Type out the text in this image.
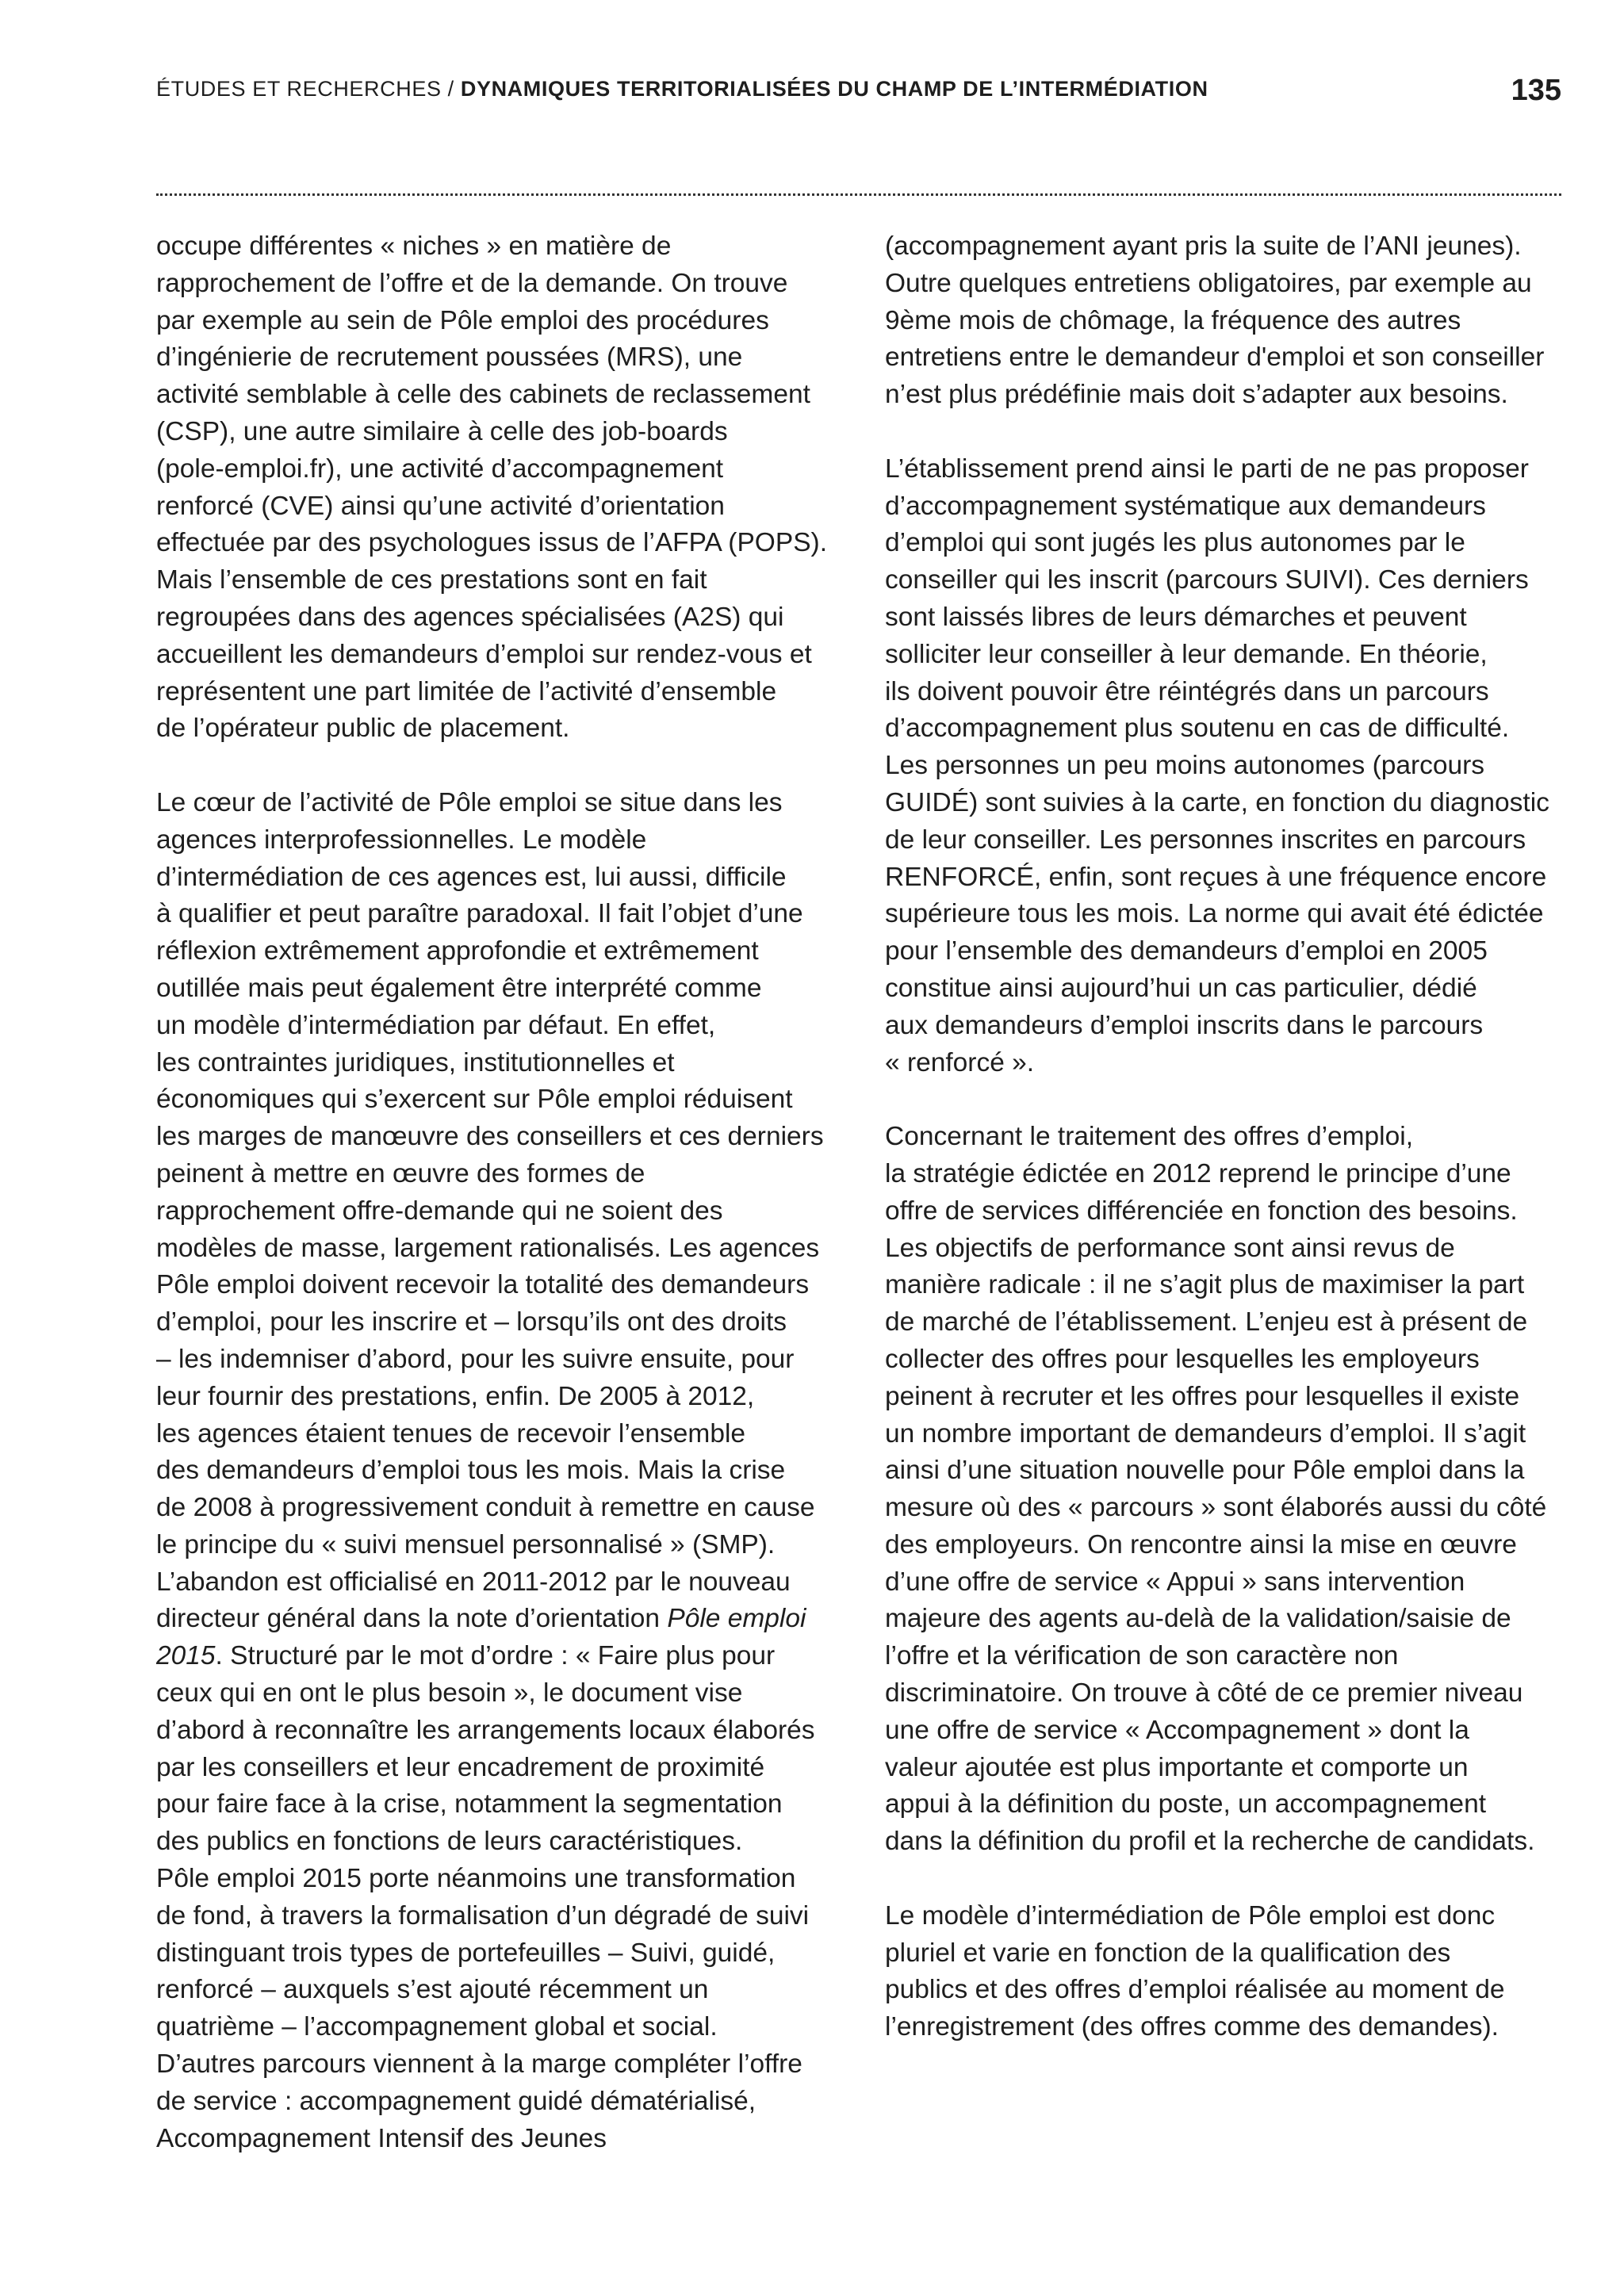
ÉTUDES ET RECHERCHES / DYNAMIQUES TERRITORIALISÉES DU CHAMP DE L’INTERMÉDIATION	135
occupe différentes « niches » en matière de
rapprochement de l’offre et de la demande. On trouve
par exemple au sein de Pôle emploi des procédures
d’ingénierie de recrutement poussées (MRS), une
activité semblable à celle des cabinets de reclassement
(CSP), une autre similaire à celle des job-boards
(pole-emploi.fr), une activité d’accompagnement
renforcé (CVE) ainsi qu’une activité d’orientation
effectuée par des psychologues issus de l’AFPA (POPS).
Mais l’ensemble de ces prestations sont en fait
regroupées dans des agences spécialisées (A2S) qui
accueillent les demandeurs d’emploi sur rendez-vous et
représentent une part limitée de l’activité d’ensemble
de l’opérateur public de placement.
Le cœur de l’activité de Pôle emploi se situe dans les
agences interprofessionnelles. Le modèle
d’intermédiation de ces agences est, lui aussi, difficile
à qualifier et peut paraître paradoxal. Il fait l’objet d’une
réflexion extrêmement approfondie et extrêmement
outillée mais peut également être interprété comme
un modèle d’intermédiation par défaut. En effet,
les contraintes juridiques, institutionnelles et
économiques qui s’exercent sur Pôle emploi réduisent
les marges de manœuvre des conseillers et ces derniers
peinent à mettre en œuvre des formes de
rapprochement offre-demande qui ne soient des
modèles de masse, largement rationalisés. Les agences
Pôle emploi doivent recevoir la totalité des demandeurs
d’emploi, pour les inscrire et – lorsqu’ils ont des droits
– les indemniser d’abord, pour les suivre ensuite, pour
leur fournir des prestations, enfin. De 2005 à 2012,
les agences étaient tenues de recevoir l’ensemble
des demandeurs d’emploi tous les mois. Mais la crise
de 2008 à progressivement conduit à remettre en cause
le principe du « suivi mensuel personnalisé » (SMP).
L’abandon est officialisé en 2011-2012 par le nouveau
directeur général dans la note d’orientation Pôle emploi
2015. Structuré par le mot d’ordre : « Faire plus pour
ceux qui en ont le plus besoin », le document vise
d’abord à reconnaître les arrangements locaux élaborés
par les conseillers et leur encadrement de proximité
pour faire face à la crise, notamment la segmentation
des publics en fonctions de leurs caractéristiques.
Pôle emploi 2015 porte néanmoins une transformation
de fond, à travers la formalisation d’un dégradé de suivi
distinguant trois types de portefeuilles – Suivi, guidé,
renforcé – auxquels s’est ajouté récemment un
quatrième – l’accompagnement global et social.
D’autres parcours viennent à la marge compléter l’offre
de service : accompagnement guidé dématérialisé,
Accompagnement Intensif des Jeunes
(accompagnement ayant pris la suite de l’ANI jeunes).
Outre quelques entretiens obligatoires, par exemple au
9ème mois de chômage, la fréquence des autres
entretiens entre le demandeur d'emploi et son conseiller
n’est plus prédéfinie mais doit s’adapter aux besoins.
L’établissement prend ainsi le parti de ne pas proposer
d’accompagnement systématique aux demandeurs
d’emploi qui sont jugés les plus autonomes par le
conseiller qui les inscrit (parcours SUIVI). Ces derniers
sont laissés libres de leurs démarches et peuvent
solliciter leur conseiller à leur demande. En théorie,
ils doivent pouvoir être réintégrés dans un parcours
d’accompagnement plus soutenu en cas de difficulté.
Les personnes un peu moins autonomes (parcours
GUIDÉ) sont suivies à la carte, en fonction du diagnostic
de leur conseiller. Les personnes inscrites en parcours
RENFORCÉ, enfin, sont reçues à une fréquence encore
supérieure tous les mois. La norme qui avait été édictée
pour l’ensemble des demandeurs d’emploi en 2005
constitue ainsi aujourd’hui un cas particulier, dédié
aux demandeurs d’emploi inscrits dans le parcours
« renforcé ».
Concernant le traitement des offres d’emploi,
la stratégie édictée en 2012 reprend le principe d’une
offre de services différenciée en fonction des besoins.
Les objectifs de performance sont ainsi revus de
manière radicale : il ne s’agit plus de maximiser la part
de marché de l’établissement. L’enjeu est à présent de
collecter des offres pour lesquelles les employeurs
peinent à recruter et les offres pour lesquelles il existe
un nombre important de demandeurs d’emploi. Il s’agit
ainsi d’une situation nouvelle pour Pôle emploi dans la
mesure où des « parcours » sont élaborés aussi du côté
des employeurs. On rencontre ainsi la mise en œuvre
d’une offre de service « Appui » sans intervention
majeure des agents au-delà de la validation/saisie de
l’offre et la vérification de son caractère non
discriminatoire. On trouve à côté de ce premier niveau
une offre de service « Accompagnement » dont la
valeur ajoutée est plus importante et comporte un
appui à la définition du poste, un accompagnement
dans la définition du profil et la recherche de candidats.
Le modèle d’intermédiation de Pôle emploi est donc
pluriel et varie en fonction de la qualification des
publics et des offres d’emploi réalisée au moment de
l’enregistrement (des offres comme des demandes).
